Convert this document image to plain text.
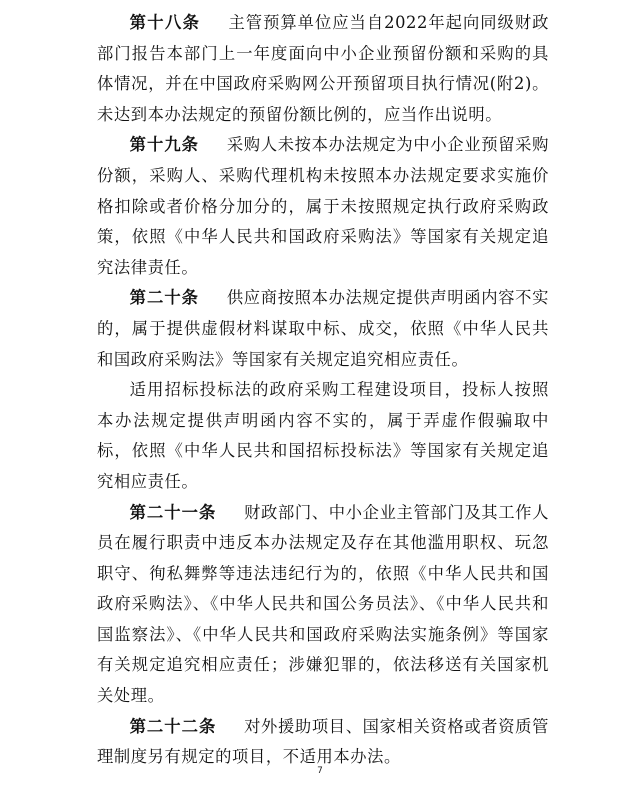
第十八条 主管预算单位应当自2022年起向同级财政部门报告本部门上一年度面向中小企业预留份额和采购的具体情况，并在中国政府采购网公开预留项目执行情况(附2)。未达到本办法规定的预留份额比例的，应当作出说明。

第十九条 采购人未按本办法规定为中小企业预留采购份额，采购人、采购代理机构未按照本办法规定要求实施价格扣除或者价格分加分的，属于未按照规定执行政府采购政策，依照《中华人民共和国政府采购法》等国家有关规定追究法律责任。

第二十条 供应商按照本办法规定提供声明函内容不实的，属于提供虚假材料谋取中标、成交，依照《中华人民共和国政府采购法》等国家有关规定追究相应责任。

适用招标投标法的政府采购工程建设项目，投标人按照本办法规定提供声明函内容不实的，属于弄虚作假骗取中标，依照《中华人民共和国招标投标法》等国家有关规定追究相应责任。

第二十一条 财政部门、中小企业主管部门及其工作人员在履行职责中违反本办法规定及存在其他滥用职权、玩忽职守、徇私舞弊等违法违纪行为的，依照《中华人民共和国政府采购法》、《中华人民共和国公务员法》、《中华人民共和国监察法》、《中华人民共和国政府采购法实施条例》等国家有关规定追究相应责任；涉嫌犯罪的，依法移送有关国家机关处理。

第二十二条 对外援助项目、国家相关资格或者资质管理制度另有规定的项目，不适用本办法。

7
